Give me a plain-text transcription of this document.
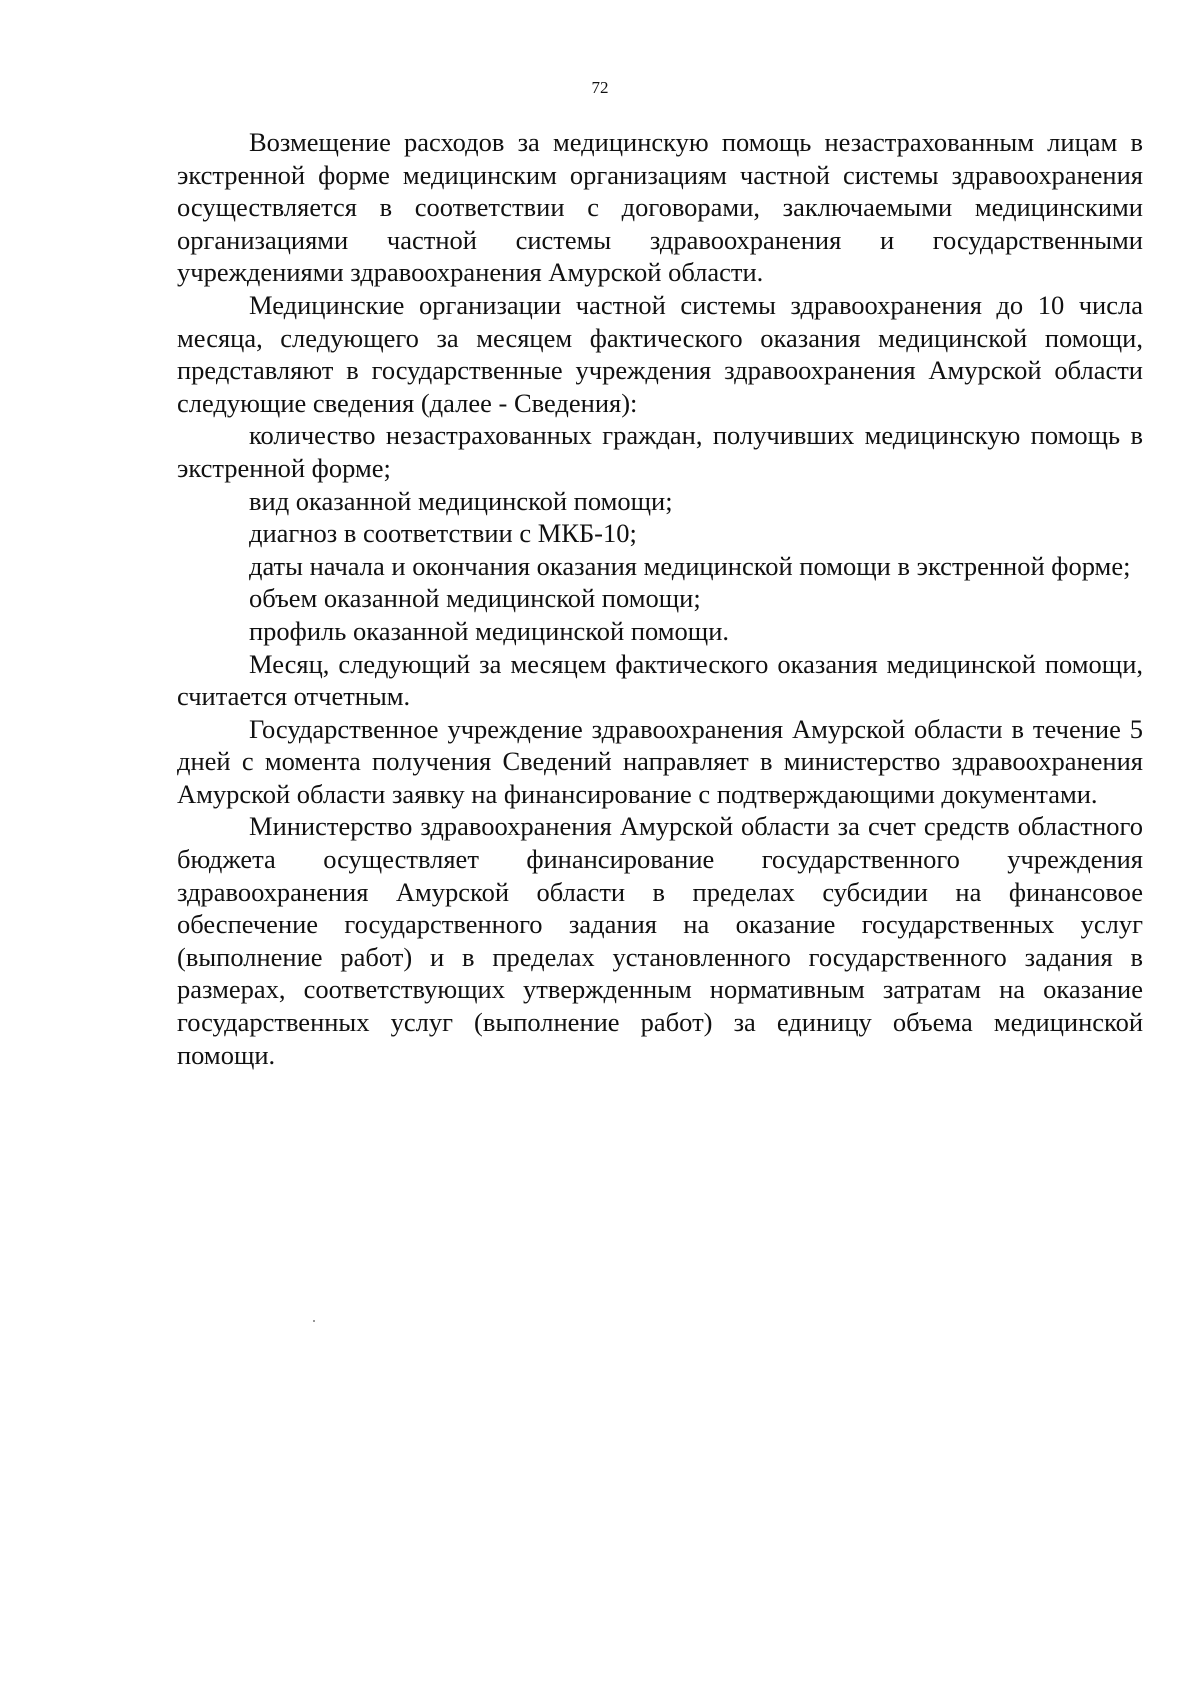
72

Возмещение расходов за медицинскую помощь незастрахованным лицам в экстренной форме медицинским организациям частной системы здравоохранения осуществляется в соответствии с договорами, заключаемыми медицинскими организациями частной системы здравоохранения и государственными учреждениями здравоохранения Амурской области.

Медицинские организации частной системы здравоохранения до 10 числа месяца, следующего за месяцем фактического оказания медицинской помощи, представляют в государственные учреждения здравоохранения Амурской области следующие сведения (далее - Сведения):

количество незастрахованных граждан, получивших медицинскую помощь в экстренной форме;

вид оказанной медицинской помощи;

диагноз в соответствии с МКБ-10;

даты начала и окончания оказания медицинской помощи в экстренной форме;

объем оказанной медицинской помощи;

профиль оказанной медицинской помощи.

Месяц, следующий за месяцем фактического оказания медицинской помощи, считается отчетным.

Государственное учреждение здравоохранения Амурской области в течение 5 дней с момента получения Сведений направляет в министерство здравоохранения Амурской области заявку на финансирование с подтверждающими документами.

Министерство здравоохранения Амурской области за счет средств областного бюджета осуществляет финансирование государственного учреждения здравоохранения Амурской области в пределах субсидии на финансовое обеспечение государственного задания на оказание государственных услуг (выполнение работ) и в пределах установленного государственного задания в размерах, соответствующих утвержденным нормативным затратам на оказание государственных услуг (выполнение работ) за единицу объема медицинской помощи.
